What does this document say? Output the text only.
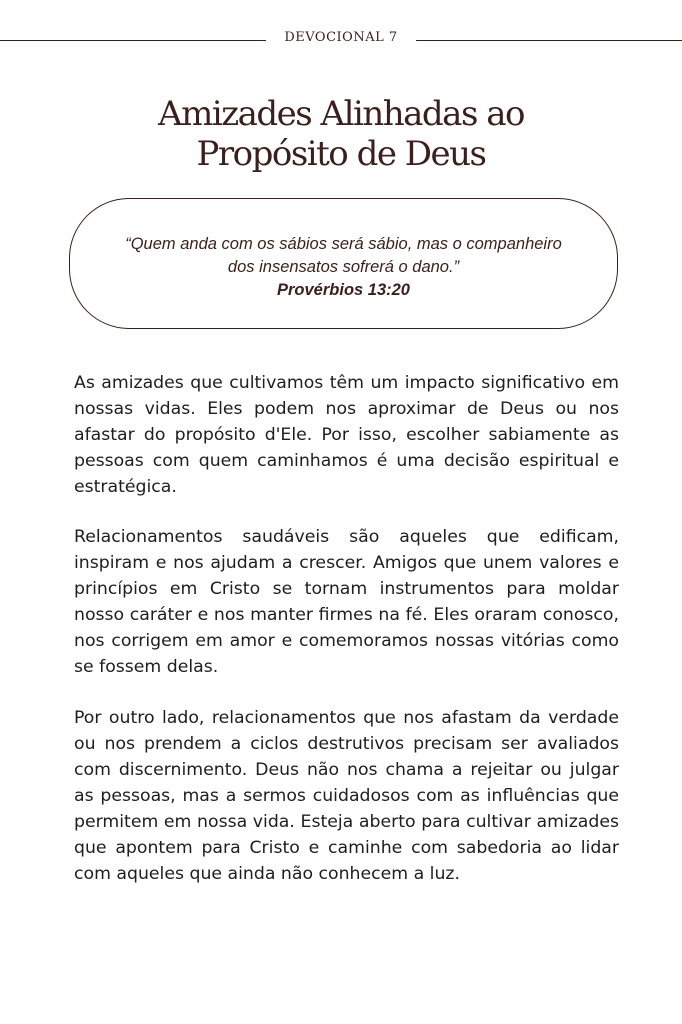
DEVOCIONAL 7
Amizades Alinhadas ao
Propósito de Deus
“Quem anda com os sábios será sábio, mas o companheiro dos insensatos sofrerá o dano.”
Provérbios 13:20

As amizades que cultivamos têm um impacto significativo em nossas vidas. Eles podem nos aproximar de Deus ou nos afastar do propósito d'Ele. Por isso, escolher sabiamente as pessoas com quem caminhamos é uma decisão espiritual e estratégica.

Relacionamentos saudáveis são aqueles que edificam, inspiram e nos ajudam a crescer. Amigos que unem valores e princípios em Cristo se tornam instrumentos para moldar nosso caráter e nos manter firmes na fé. Eles oraram conosco, nos corrigem em amor e comemoramos nossas vitórias como se fossem delas.

Por outro lado, relacionamentos que nos afastam da verdade ou nos prendem a ciclos destrutivos precisam ser avaliados com discernimento. Deus não nos chama a rejeitar ou julgar as pessoas, mas a sermos cuidadosos com as influências que permitem em nossa vida. Esteja aberto para cultivar amizades que apontem para Cristo e caminhe com sabedoria ao lidar com aqueles que ainda não conhecem a luz.
